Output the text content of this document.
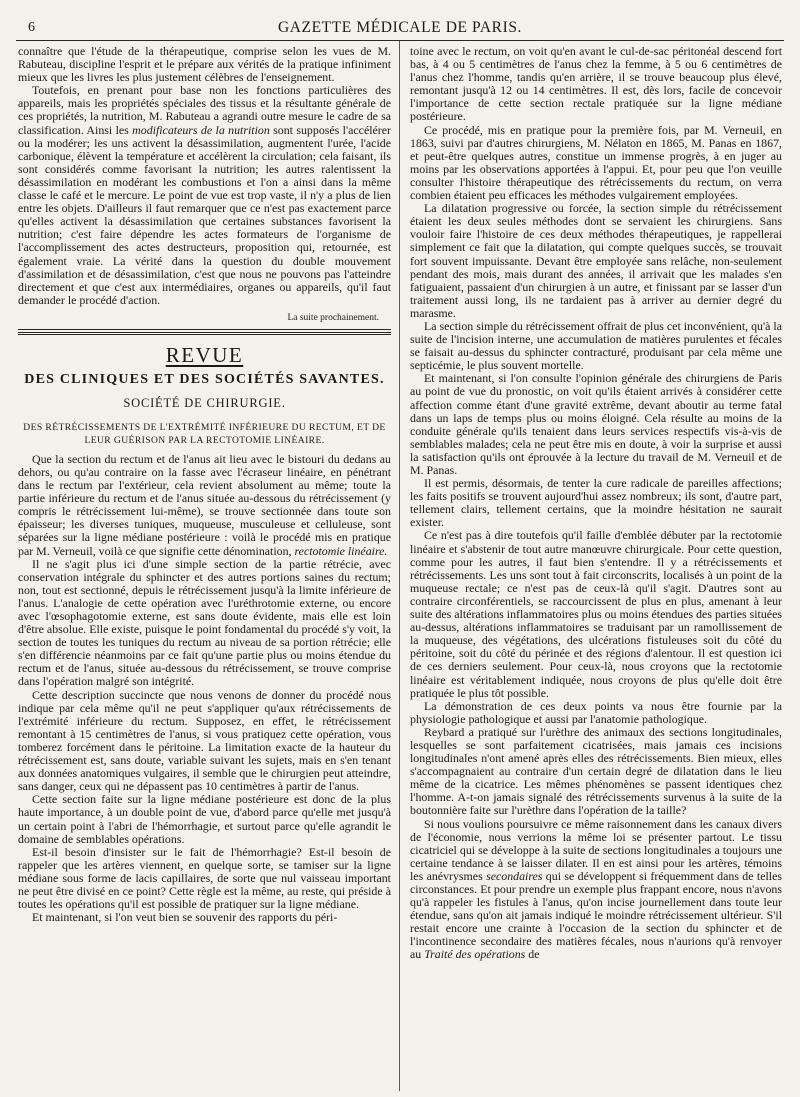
6	GAZETTE MÉDICALE DE PARIS.

connaître que l'étude de la thérapeutique, comprise selon les vues de M. Rabuteau, discipline l'esprit et le prépare aux vérités de la pratique infiniment mieux que les livres les plus justement célèbres de l'enseignement.

Toutefois, en prenant pour base non les fonctions particulières des appareils, mais les propriétés spéciales des tissus et la résultante générale de ces propriétés, la nutrition, M. Rabuteau a agrandi outre mesure le cadre de sa classification. Ainsi les modificateurs de la nutrition sont supposés l'accélérer ou la modérer; les uns activent la désassimilation, augmentent l'urée, l'acide carbonique, élèvent la température et accélèrent la circulation; cela faisant, ils sont considérés comme favorisant la nutrition; les autres ralentissent la désassimilation en modérant les combustions et l'on a ainsi dans la même classe le café et le mercure. Le point de vue est trop vaste, il n'y a plus de lien entre les objets. D'ailleurs il faut remarquer que ce n'est pas exactement parce qu'elles activent la désassimilation que certaines substances favorisent la nutrition; c'est faire dépendre les actes formateurs de l'organisme de l'accomplissement des actes destructeurs, proposition qui, retournée, est également vraie. La vérité dans la question du double mouvement d'assimilation et de désassimilation, c'est que nous ne pouvons pas l'atteindre directement et que c'est aux intermédiaires, organes ou appareils, qu'il faut demander le procédé d'action.

La suite prochainement.
REVUE
DES CLINIQUES ET DES SOCIÉTÉS SAVANTES.
SOCIÉTÉ DE CHIRURGIE.
DES RÉTRÉCISSEMENTS DE L'EXTRÉMITÉ INFÉRIEURE DU RECTUM, ET DE LEUR GUÉRISON PAR LA RECTOTOMIE LINÉAIRE.

Que la section du rectum et de l'anus ait lieu avec le bistouri du dedans au dehors, ou qu'au contraire on la fasse avec l'écraseur linéaire, en pénétrant dans le rectum par l'extérieur, cela revient absolument au même; toute la partie inférieure du rectum et de l'anus située au-dessous du rétrécissement (y compris le rétrécissement lui-même), se trouve sectionnée dans toute son épaisseur; les diverses tuniques, muqueuse, musculeuse et celluleuse, sont séparées sur la ligne médiane postérieure : voilà le procédé mis en pratique par M. Verneuil, voilà ce que signifie cette dénomination, rectotomie linéaire.

Il ne s'agit plus ici d'une simple section de la partie rétrécie, avec conservation intégrale du sphincter et des autres portions saines du rectum; non, tout est sectionné, depuis le rétrécissement jusqu'à la limite inférieure de l'anus. L'analogie de cette opération avec l'uréthrotomie externe, ou encore avec l'œsophagotomie externe, est sans doute évidente, mais elle est loin d'être absolue. Elle existe, puisque le point fondamental du procédé s'y voit, la section de toutes les tuniques du rectum au niveau de sa portion rétrécie; elle s'en différencie néanmoins par ce fait qu'une partie plus ou moins étendue du rectum et de l'anus, située au-dessous du rétrécissement, se trouve comprise dans l'opération malgré son intégrité.

Cette description succincte que nous venons de donner du procédé nous indique par cela même qu'il ne peut s'appliquer qu'aux rétrécissements de l'extrémité inférieure du rectum. Supposez, en effet, le rétrécissement remontant à 15 centimètres de l'anus, si vous pratiquez cette opération, vous tomberez forcément dans le péritoine. La limitation exacte de la hauteur du rétrécissement est, sans doute, variable suivant les sujets, mais en s'en tenant aux données anatomiques vulgaires, il semble que le chirurgien peut atteindre, sans danger, ceux qui ne dépassent pas 10 centimètres à partir de l'anus.

Cette section faite sur la ligne médiane postérieure est donc de la plus haute importance, à un double point de vue, d'abord parce qu'elle met jusqu'à un certain point à l'abri de l'hémorrhagie, et surtout parce qu'elle agrandit le domaine de semblables opérations.

Est-il besoin d'insister sur le fait de l'hémorrhagie? Est-il besoin de rappeler que les artères viennent, en quelque sorte, se tamiser sur la ligne médiane sous forme de lacis capillaires, de sorte que nul vaisseau important ne peut être divisé en ce point? Cette règle est la même, au reste, qui préside à toutes les opérations qu'il est possible de pratiquer sur la ligne médiane.

Et maintenant, si l'on veut bien se souvenir des rapports du péri-

toine avec le rectum, on voit qu'en avant le cul-de-sac péritonéal descend fort bas, à 4 ou 5 centimètres de l'anus chez la femme, à 5 ou 6 centimètres de l'anus chez l'homme, tandis qu'en arrière, il se trouve beaucoup plus élevé, remontant jusqu'à 12 ou 14 centimètres. Il est, dès lors, facile de concevoir l'importance de cette section rectale pratiquée sur la ligne médiane postérieure.

Ce procédé, mis en pratique pour la première fois, par M. Verneuil, en 1863, suivi par d'autres chirurgiens, M. Nélaton en 1865, M. Panas en 1867, et peut-être quelques autres, constitue un immense progrès, à en juger au moins par les observations apportées à l'appui. Et, pour peu que l'on veuille consulter l'histoire thérapeutique des rétrécissements du rectum, on verra combien étaient peu efficaces les méthodes vulgairement employées.

La dilatation progressive ou forcée, la section simple du rétrécissement étaient les deux seules méthodes dont se servaient les chirurgiens. Sans vouloir faire l'histoire de ces deux méthodes thérapeutiques, je rappellerai simplement ce fait que la dilatation, qui compte quelques succès, se trouvait fort souvent impuissante. Devant être employée sans relâche, non-seulement pendant des mois, mais durant des années, il arrivait que les malades s'en fatiguaient, passaient d'un chirurgien à un autre, et finissant par se lasser d'un traitement aussi long, ils ne tardaient pas à arriver au dernier degré du marasme.

La section simple du rétrécissement offrait de plus cet inconvénient, qu'à la suite de l'incision interne, une accumulation de matières purulentes et fécales se faisait au-dessus du sphincter contracturé, produisant par cela même une septicémie, le plus souvent mortelle.

Et maintenant, si l'on consulte l'opinion générale des chirurgiens de Paris au point de vue du pronostic, on voit qu'ils étaient arrivés à considérer cette affection comme étant d'une gravité extrême, devant aboutir au terme fatal dans un laps de temps plus ou moins éloigné. Cela résulte au moins de la conduite générale qu'ils tenaient dans leurs services respectifs vis-à-vis de semblables malades; cela ne peut être mis en doute, à voir la surprise et aussi la satisfaction qu'ils ont éprouvée à la lecture du travail de M. Verneuil et de M. Panas.

Il est permis, désormais, de tenter la cure radicale de pareilles affections; les faits positifs se trouvent aujourd'hui assez nombreux; ils sont, d'autre part, tellement clairs, tellement certains, que la moindre hésitation ne saurait exister.

Ce n'est pas à dire toutefois qu'il faille d'emblée débuter par la rectotomie linéaire et s'abstenir de tout autre manœuvre chirurgicale. Pour cette question, comme pour les autres, il faut bien s'entendre. Il y a rétrécissements et rétrécissements. Les uns sont tout à fait circonscrits, localisés à un point de la muqueuse rectale; ce n'est pas de ceux-là qu'il s'agit. D'autres sont au contraire circonférentiels, se raccourcissent de plus en plus, amenant à leur suite des altérations inflammatoires plus ou moins étendues des parties situées au-dessus, altérations inflammatoires se traduisant par un ramollissement de la muqueuse, des végétations, des ulcérations fistuleuses soit du côté du péritoine, soit du côté du périnée et des régions d'alentour. Il est question ici de ces derniers seulement. Pour ceux-là, nous croyons que la rectotomie linéaire est véritablement indiquée, nous croyons de plus qu'elle doit être pratiquée le plus tôt possible.

La démonstration de ces deux points va nous être fournie par la physiologie pathologique et aussi par l'anatomie pathologique.

Reybard a pratiqué sur l'urèthre des animaux des sections longitudinales, lesquelles se sont parfaitement cicatrisées, mais jamais ces incisions longitudinales n'ont amené après elles des rétrécissements. Bien mieux, elles s'accompagnaient au contraire d'un certain degré de dilatation dans le lieu même de la cicatrice. Les mêmes phénomènes se passent identiques chez l'homme. A-t-on jamais signalé des rétrécissements survenus à la suite de la boutonnière faite sur l'urèthre dans l'opération de la taille?

Si nous voulions poursuivre ce même raisonnement dans les canaux divers de l'économie, nous verrions la même loi se présenter partout. Le tissu cicatriciel qui se développe à la suite de sections longitudinales a toujours une certaine tendance à se laisser dilater. Il en est ainsi pour les artères, témoins les anévrysmes secondaires qui se développent si fréquemment dans de telles circonstances. Et pour prendre un exemple plus frappant encore, nous n'avons qu'à rappeler les fistules à l'anus, qu'on incise journellement dans toute leur étendue, sans qu'on ait jamais indiqué le moindre rétrécissement ultérieur. S'il restait encore une crainte à l'occasion de la section du sphincter et de l'incontinence secondaire des matières fécales, nous n'aurions qu'à renvoyer au Traité des opérations de
